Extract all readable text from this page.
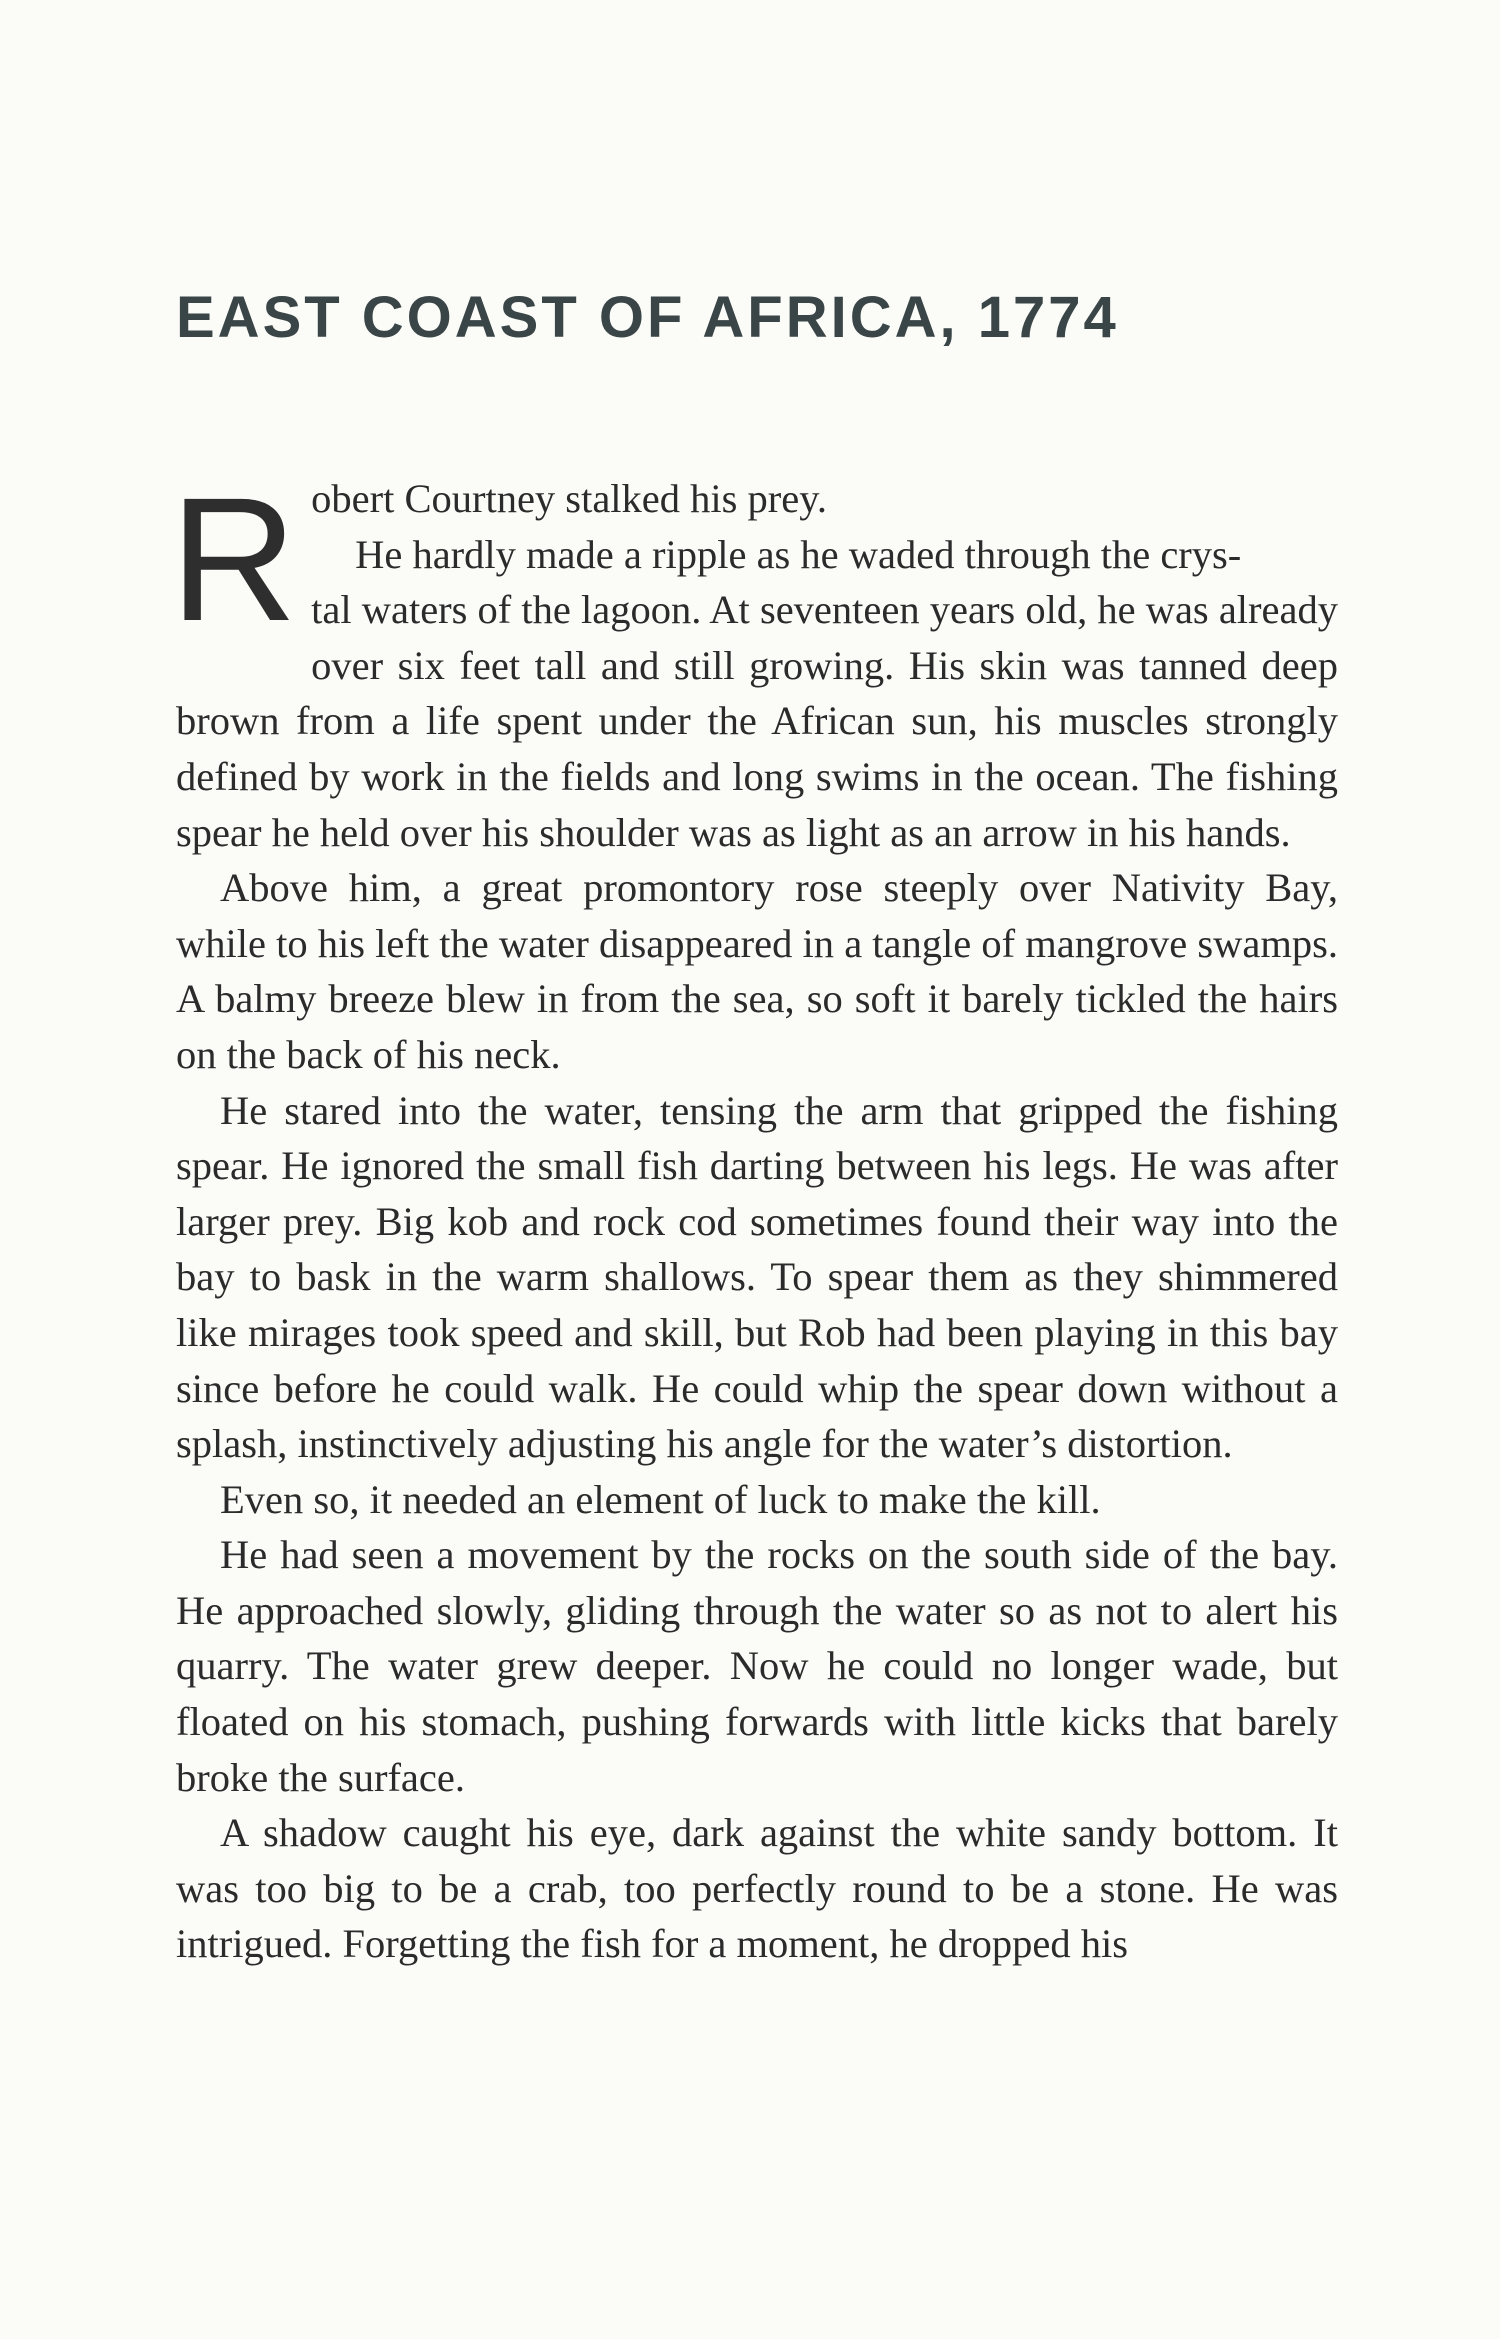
EAST COAST OF AFRICA, 1774

R obert Courtney stalked his prey.
He hardly made a ripple as he waded through the crys-
tal waters of the lagoon. At seventeen years old, he was already over six feet tall and still growing. His skin was tanned deep brown from a life spent under the African sun, his muscles strongly defined by work in the fields and long swims in the ocean. The fishing spear he held over his shoulder was as light as an arrow in his hands.

Above him, a great promontory rose steeply over Nativity Bay, while to his left the water disappeared in a tangle of mangrove swamps. A balmy breeze blew in from the sea, so soft it barely tickled the hairs on the back of his neck.

He stared into the water, tensing the arm that gripped the fishing spear. He ignored the small fish darting between his legs. He was after larger prey. Big kob and rock cod sometimes found their way into the bay to bask in the warm shallows. To spear them as they shimmered like mirages took speed and skill, but Rob had been playing in this bay since before he could walk. He could whip the spear down without a splash, instinctively adjusting his angle for the water’s distortion.

Even so, it needed an element of luck to make the kill.

He had seen a movement by the rocks on the south side of the bay. He approached slowly, gliding through the water so as not to alert his quarry. The water grew deeper. Now he could no longer wade, but floated on his stomach, pushing forwards with little kicks that barely broke the surface.

A shadow caught his eye, dark against the white sandy bottom. It was too big to be a crab, too perfectly round to be a stone. He was intrigued. Forgetting the fish for a moment, he dropped his
